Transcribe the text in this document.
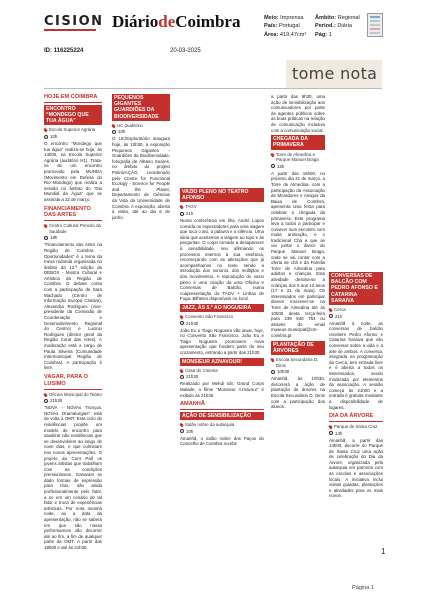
CISION DiáriodeCoimbra	Meio: Imprensa
País: Portugal
Área: 419,47cm²
Âmbito: Regional
Period.: Diária
Pág: 1
ID: 116225224	20-03-2025
tome nota
HOJE EM COIMBRA
ENCONTRO “MONDEGO QUE TUA ÁGUA”
Escola Superior Agrária
10h

O encontro “Mondego que tua água” realiza-se hoje, às 14h00, na Escola Superior Agrária (auditório H1). Trata-se de um encontro promovido pela MUNDA (Movimento em Defesa do Rio Mondego) que realiza a sessão no âmbito do “Dia Mundial da Água” que se assinala a 22 de março.

FINANCIAMENTO DAS ARTES
Centro Cultural Penedo da Saudade
18h

“Financiamento das Artes na Região de Coimbra - Oportunidades” é o tema da mesa redonda organizada no âmbito da 12.ª edição da DEBOX - Mostra Cultural e Artística da Região de Coimbra. O debate conta com a participação de Sara Machado (Centro de Informação Europa Criativa), Alexandra Rodrigues (vice-presidente da Comissão de Coordenação e Desenvolvimento Regional do Centro) e Lucinio Rodrigues (diretor geral da Região Coral das Artes). A moderação está a cargo de Paula Silveira (Comunidade Intermunicipal Região de Coimbra). A participação é livre.

VAGAR, PARA O LUSIMO
Oficina Municipal do Teatro
21h30

“NOVA - NOVAs Tronços. NOVAs Dramaturgias” está de volta à OMT. Esta ciclo de residências propõe um modelo de encontro para atualizar não residências que se desenvolvem ao longo de nove dias, e que culminam nos novos apresentações. O projeto da Cont Pall os jovens artistas que trabalham com as condições premiunissem. Ganaram se dado formas de expressão para ritos, são ainda profissionalmente pelo fator, a se em um cenário de tal fator e troca de experiências artísticas. Por nota mesma noite, ao a data da apresentação, não se saberá em que são nossa performances vão decorrer até ao fim, a fim de qualquer parte da OMT. A partir das 19h00 e até às 21h30.

PEQUENOS GIGANTES GUARDIÕES DA BIODIVERSIDADE
UC (auditório
10h

O UC/Exploratório inaugura hoje, às 10h30, a exposição Pequenos Gigantes - Guardiões da Biodiversidade, fotografia de Albano Soares, no âmbito do projeto PolinizAÇÃO, coordenado pelo Centre for Functional Ecology - Science for People and the Planet, Departamento de Ciências da Vida da Universidade de Coimbra. A exposição, aberta à visita, até ao dia 6 de junho.

VAZIO PLENO NO TEATRO AFONSO
TAGV
21h

Numa conferência em ilha, André Lopes convida os espectadores para uma viagem que toca o ato, a palavra e o silêncio. Uma ideia que aceitemos a viagem ao topo e às perguntas. O corpo tornado a desaparecer à sensibilidade, seu afirmando os processos internos à sua essência, recomeçando com as alterações que já acompanhamos no texto sendo a introdução dos sonoros, dos múltiplos e dos movimentos. A reprodução do vazio pleno é uma criação da uma Oficina e Conversas de Balcão, numa coapresentação do TAGV + Linhas de Fuga. Bilhetes disponíveis no local.

JAZZ, ÀS 5.ª AO NOGUEIRA
Convento São Francisco
21h30

João Eu e Tiago Nogueira vão atuar, hoje, no Convento São Francisco. João Eu e Tiago Nogueira promovem nova apresentação que fundem parte do seu cruzamento, entrando a partir das 21h30.

MONSIEUR AZNAVOUR!
Casa do Cinema
21h30

Realizado por Mehdi Idir, Grand Corps Malade, o filme “Monsieur Aznavour” é exibido às 21h30.

AMANHÃ
AÇÃO DE SENSIBILIZAÇÃO
Salão nobre da autarquia
10h

Amanhã, o salão nobre dos Paços do Concelho de Coimbra recebe

a partir das 9h30, uma ação de sensibilização aos comunicadores por parte de agentes públicos sobre as boas práticas na relação de comunicação inclusiva com a comunicação social.

CHEGADA DA PRIMAVERA
Torre de Almedina e Parque Manuel Braga
16h

A partir das 16h00, no próximo dia 21 de março, a Torre de Almedina, com a participação da Associação de Moradores e Amigos da Baixa de Coimbra, apresenta uma festa para celebrar a chegada da primavera. Este programa leva a todos a participar e conviver num encontro com muita animação, e o tradicional Chá a que se vai juntar o dance do Parque Manuel Braga, onde se vai contar com a oferta de chá e da Família Torre de Almedina para adultos e crianças. Esta atividade destina-se a crianças dos 6 aos 12 anos (17 e 21 de maio). Os interessados em participar devem inscrever-se na Torre de Almedina até às 10h00 desta terça-feira para 239 840 754 ou através do email museus.municipal@cm-coimbra.pt

PLANTAÇÃO DE ÁRVORES
Escola Secundária D. Dinis
10h30

Amanhã, às 10h30, decorrerá a ação de plantação de árvores na Escola Secundária D. Dinis com a participação dos alunos.

CONVERSAS DE BALCÃO COM PEDRO AFONSO E CATARINA SARAIVA
Cerca
21h

Amanhã à noite, as conversas de balcão recebem Pedro Afonso e Catarina Saraiva que vão conversar sobre a vida e a arte de ambos. A conversa, integrada na programação da Cerca, tem entrada livre e é aberta a todos os interessados, sendo moderada por elementos da associação. A sessão começa às 21h00 e a entrada é gratuita mediante a disponibilidade de lugares.

DIA DA ÁRVORE
Parque de Santa Cruz
14h

Amanhã, a partir das 14h00, decorre no Parque de Santa Cruz uma ação de celebração do Dia da Árvore, organizada pela autarquia em parceria com as escolas e associações locais. A iniciativa inclui visitas guiadas, plantações e atividades para os mais novos.

1
Página 1
